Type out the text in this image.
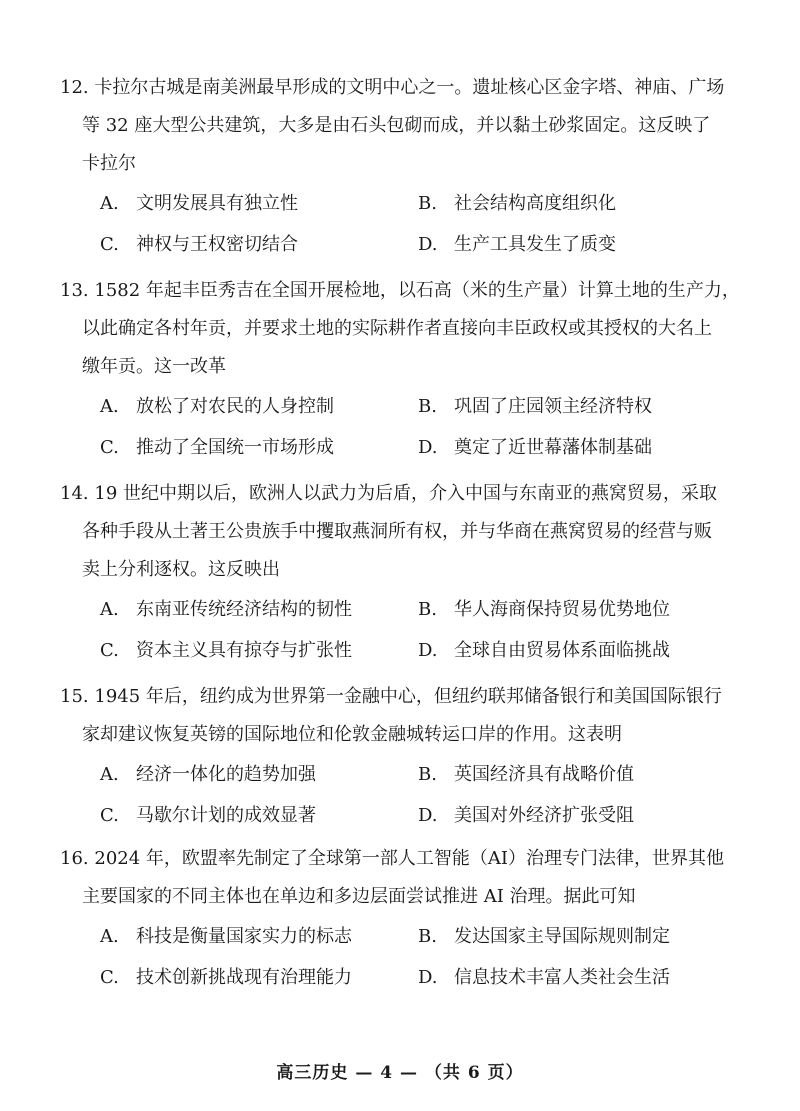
12. 卡拉尔古城是南美洲最早形成的文明中心之一。遗址核心区金字塔、神庙、广场
等 32 座大型公共建筑，大多是由石头包砌而成，并以黏土砂浆固定。这反映了
卡拉尔
A. 文明发展具有独立性	B. 社会结构高度组织化
C. 神权与王权密切结合	D. 生产工具发生了质变
13. 1582 年起丰臣秀吉在全国开展检地，以石高（米的生产量）计算土地的生产力，
以此确定各村年贡，并要求土地的实际耕作者直接向丰臣政权或其授权的大名上
缴年贡。这一改革
A. 放松了对农民的人身控制	B. 巩固了庄园领主经济特权
C. 推动了全国统一市场形成	D. 奠定了近世幕藩体制基础
14. 19 世纪中期以后，欧洲人以武力为后盾，介入中国与东南亚的燕窝贸易，采取
各种手段从土著王公贵族手中攫取燕洞所有权，并与华商在燕窝贸易的经营与贩
卖上分利逐权。这反映出
A. 东南亚传统经济结构的韧性	B. 华人海商保持贸易优势地位
C. 资本主义具有掠夺与扩张性	D. 全球自由贸易体系面临挑战
15. 1945 年后，纽约成为世界第一金融中心，但纽约联邦储备银行和美国国际银行
家却建议恢复英镑的国际地位和伦敦金融城转运口岸的作用。这表明
A. 经济一体化的趋势加强	B. 英国经济具有战略价值
C. 马歇尔计划的成效显著	D. 美国对外经济扩张受阻
16. 2024 年，欧盟率先制定了全球第一部人工智能（AI）治理专门法律，世界其他
主要国家的不同主体也在单边和多边层面尝试推进 AI 治理。据此可知
A. 科技是衡量国家实力的标志	B. 发达国家主导国际规则制定
C. 技术创新挑战现有治理能力	D. 信息技术丰富人类社会生活
高三历史 — 4 — （共 6 页）
